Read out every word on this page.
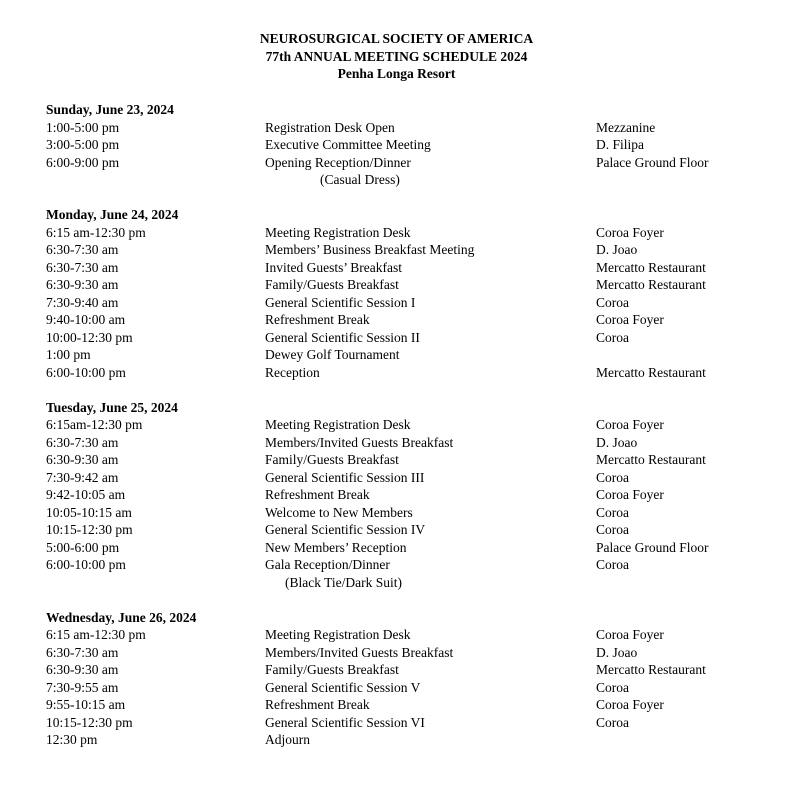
NEUROSURGICAL SOCIETY OF AMERICA
77th ANNUAL MEETING SCHEDULE 2024
Penha Longa Resort
Sunday, June 23, 2024
1:00-5:00 pm	Registration Desk Open	Mezzanine
3:00-5:00 pm	Executive Committee Meeting	D. Filipa
6:00-9:00 pm	Opening Reception/Dinner	Palace Ground Floor
(Casual Dress)
Monday, June 24, 2024
6:15 am-12:30 pm	Meeting Registration Desk	Coroa Foyer
6:30-7:30 am	Members’ Business Breakfast Meeting	D. Joao
6:30-7:30 am	Invited Guests’ Breakfast	Mercatto Restaurant
6:30-9:30 am	Family/Guests Breakfast	Mercatto Restaurant
7:30-9:40 am	General Scientific Session I	Coroa
9:40-10:00 am	Refreshment Break	Coroa Foyer
10:00-12:30 pm	General Scientific Session II	Coroa
1:00 pm	Dewey Golf Tournament
6:00-10:00 pm	Reception	Mercatto Restaurant
Tuesday, June 25, 2024
6:15am-12:30 pm	Meeting Registration Desk	Coroa Foyer
6:30-7:30 am	Members/Invited Guests Breakfast	D. Joao
6:30-9:30 am	Family/Guests Breakfast	Mercatto Restaurant
7:30-9:42 am	General Scientific Session III	Coroa
9:42-10:05 am	Refreshment Break	Coroa Foyer
10:05-10:15 am	Welcome to New Members	Coroa
10:15-12:30 pm	General Scientific Session IV	Coroa
5:00-6:00 pm	New Members’ Reception	Palace Ground Floor
6:00-10:00 pm	Gala Reception/Dinner	Coroa
(Black Tie/Dark Suit)
Wednesday, June 26, 2024
6:15 am-12:30 pm	Meeting Registration Desk	Coroa Foyer
6:30-7:30 am	Members/Invited Guests Breakfast	D. Joao
6:30-9:30 am	Family/Guests Breakfast	Mercatto Restaurant
7:30-9:55 am	General Scientific Session V	Coroa
9:55-10:15 am	Refreshment Break	Coroa Foyer
10:15-12:30 pm	General Scientific Session VI	Coroa
12:30 pm	Adjourn
